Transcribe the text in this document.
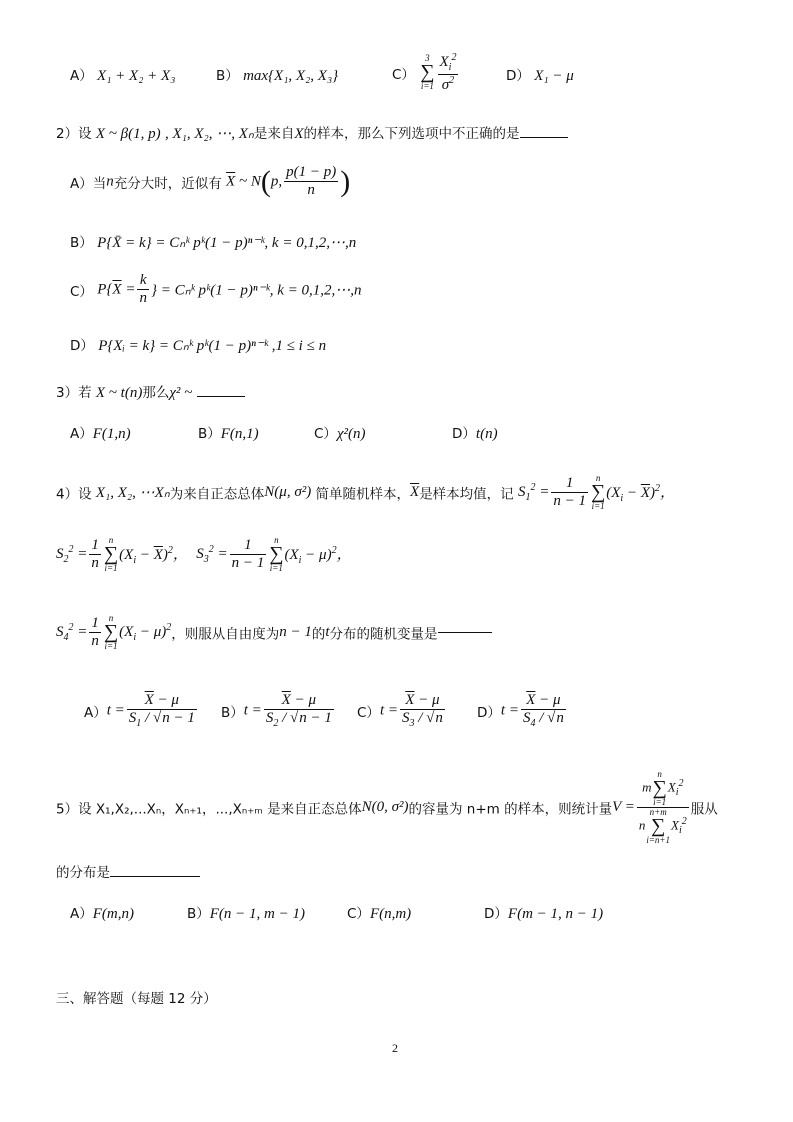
A） X₁ + X₂ + X₃	B） max{X₁, X₂, X₃}	C）
3
∑
$i=1 \frac{X_i^2}{\sigma^2}$	D） X₁ − μ
2）设 X ~ β(1, p) , X₁, X₂, ⋯, Xₙ是来自X的样本，那么下列选项中不正确的是
A）当n充分大时，近似有 $\overline{X}$ ~ N(p, $\frac{p(1 - p)}{n}$ )
B） P{X̄ = k} = Cₙᵏ pᵏ(1 − p)ⁿ⁻ᵏ, k = 0,1,2,⋯,n
C） $P\{\overline{X} = \frac{k}{n}$ } = Cₙᵏ pᵏ(1 − p)ⁿ⁻ᵏ, k = 0,1,2,⋯,n
D） P{Xᵢ = k} = Cₙᵏ pᵏ(1 − p)ⁿ⁻ᵏ ,1 ≤ i ≤ n
3）若 X ~ t(n)那么χ² ~
A）F(1,n)	B）F(n,1)	C）χ²(n)	D）t(n)
4）设 X₁, X₂, ⋯Xₙ为来自正态总体N(μ, σ²) 简单随机样本，$\overline{X}$是样本均值，记 $S_1^2 = \frac{1}{n - 1}$ n
∑
i=1
$(X_i - \overline{X})^2$，
$S_2^2 = \frac{1}{n}$ n
∑
i=1
$(X_i - \overline{X})^2$， $S_3^2 = \frac{1}{n - 1}$ n
∑
i=1
$(X_i - \mu)^2$，
$S_4^2 = \frac{1}{n}$ n
∑
i=1
$(X_i - \mu)^2$，则服从自由度为n − 1的t分布的随机变量是
$A)t = \frac{\overline{X} - \mu}{S_1 / √n - 1} B)t = \frac{\overline{X} - \mu}{S_2 / √n - 1} C)t = \frac{\overline{X} - \mu}{S_3 / √n} D)t = \frac{\overline{X} - \mu}{S_4 / √n}$
5）设 X₁,X₂,...Xₙ，Xₙ₊₁，...,Xₙ₊ₘ 是来自正态总体N(0, σ²)的容量为 n+m 的样本，则统计量V = m
n
∑
i=1
$X_i^2$
n
n+m
∑
i=n+1
$X_i^2$ 服从
的分布是
A）F(m,n)	B）F(n − 1, m − 1)	C）F(n,m)	D）F(m − 1, n − 1)
三、解答题（每题 12 分）
2
